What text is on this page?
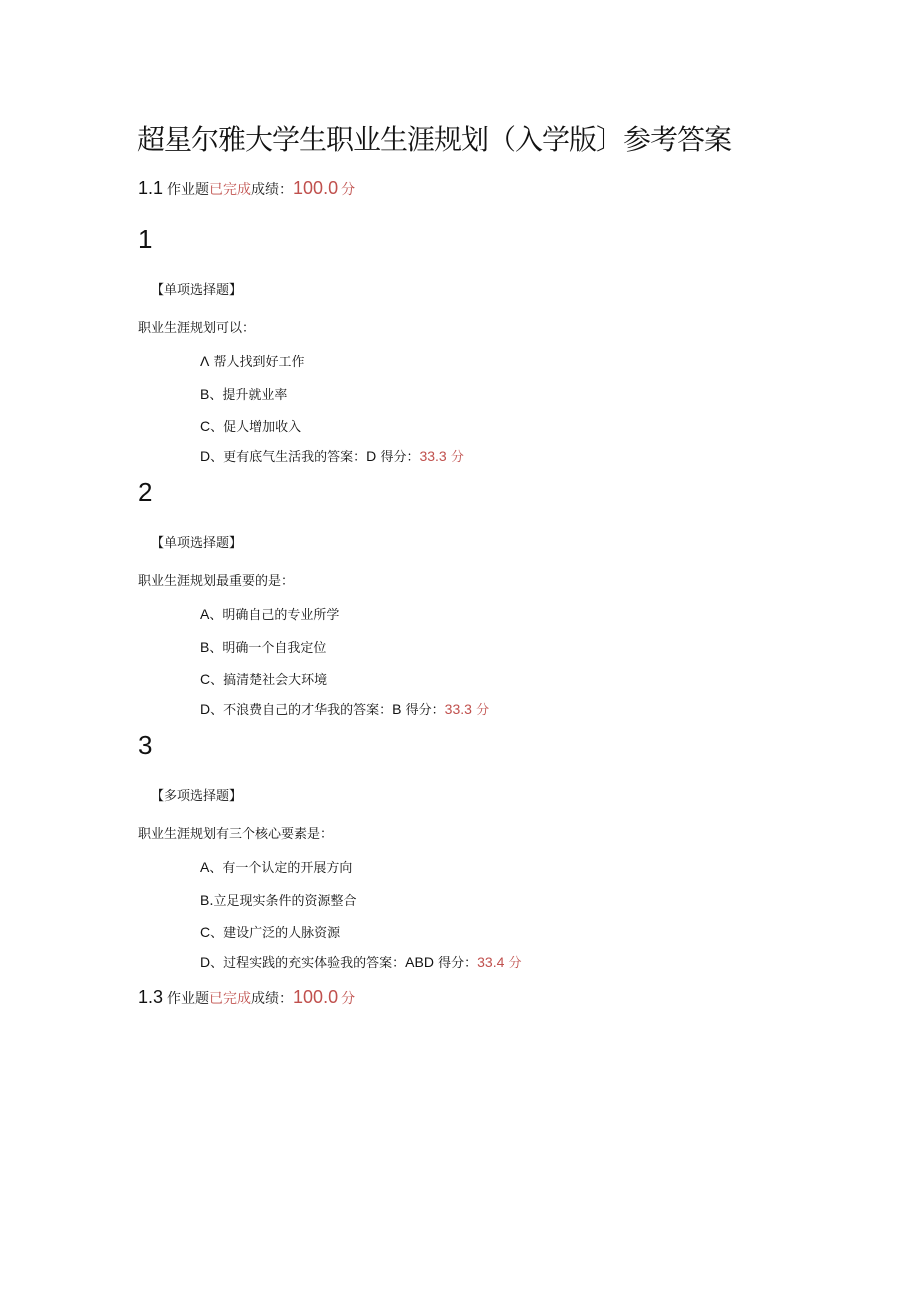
超星尔雅大学生职业生涯规划（入学版〕参考答案
1.1 作业题已完成成绩：100.0 分
1
【单项选择题】
职业生涯规划可以：
Λ 帮人找到好工作
B、提升就业率
C、促人增加收入
D、更有底气生活我的答案：D 得分：33.3 分
2
【单项选择题】
职业生涯规划最重要的是：
A、明确自己的专业所学
B、明确一个自我定位
C、搞清楚社会大环境
D、不浪费自己的才华我的答案：B 得分：33.3 分
3
【多项选择题】
职业生涯规划有三个核心要素是：
A、有一个认定的开展方向
B.立足现实条件的资源整合
C、建设广泛的人脉资源
D、过程实践的充实体验我的答案：ABD 得分：33.4 分
1.3 作业题已完成成绩：100.0 分
